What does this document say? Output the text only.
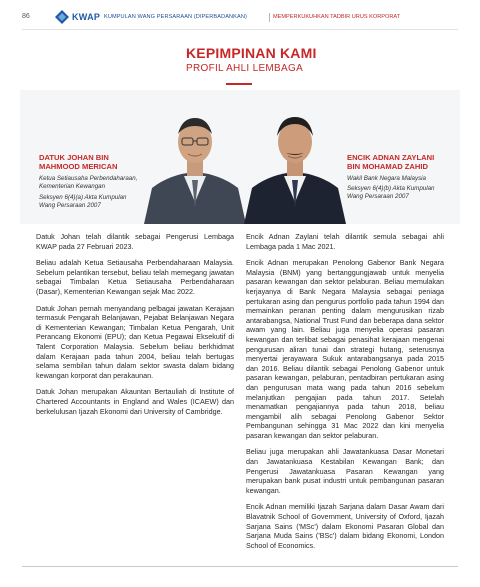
86	KWAP KUMPULAN WANG PERSARAAN (DIPERBADANKAN)	MEMPERKUKUHKAN TADBIR URUS KORPORAT
KEPIMPINAN KAMI
PROFIL AHLI LEMBAGA
DATUK JOHAN BIN
MAHMOOD MERICAN
Ketua Setiausaha Perbendaharaan,
Kementerian Kewangan
Seksyen 6(4)(a) Akta Kumpulan
Wang Persaraan 2007
ENCIK ADNAN ZAYLANI
BIN MOHAMAD ZAHID
Wakil Bank Negara Malaysia
Seksyen 6(4)(b) Akta Kumpulan
Wang Persaraan 2007

Datuk Johan telah dilantik sebagai Pengerusi Lembaga KWAP pada 27 Februari 2023.

Beliau adalah Ketua Setiausaha Perbendaharaan Malaysia. Sebelum pelantikan tersebut, beliau telah memegang jawatan sebagai Timbalan Ketua Setiausaha Perbendaharaan (Dasar), Kementerian Kewangan sejak Mac 2022.

Datuk Johan pernah menyandang pelbagai jawatan Kerajaan termasuk Pengarah Belanjawan, Pejabat Belanjawan Negara di Kementerian Kewangan; Timbalan Ketua Pengarah, Unit Perancang Ekonomi (EPU); dan Ketua Pegawai Eksekutif di Talent Corporation Malaysia. Sebelum beliau berkhidmat dalam Kerajaan pada tahun 2004, beliau telah bertugas selama sembilan tahun dalam sektor swasta dalam bidang kewangan korporat dan perakaunan.

Datuk Johan merupakan Akauntan Bertauliah di Institute of Chartered Accountants in England and Wales (ICAEW) dan berkelulusan Ijazah Ekonomi dari University of Cambridge.

Encik Adnan Zaylani telah dilantik semula sebagai ahli Lembaga pada 1 Mac 2021.

Encik Adnan merupakan Penolong Gabenor Bank Negara Malaysia (BNM) yang bertanggungjawab untuk menyelia pasaran kewangan dan sektor pelaburan. Beliau memulakan kerjayanya di Bank Negara Malaysia sebagai peniaga pertukaran asing dan pengurus portfolio pada tahun 1994 dan memainkan peranan penting dalam mengurusikan rizab antarabangsa, National Trust Fund dan beberapa dana sektor awam yang lain. Beliau juga menyelia operasi pasaran kewangan dan terlibat sebagai penasihat kerajaan mengenai pengurusan aliran tunai dan strategi hutang, seterusnya menyertai jerayawara Sukuk antarabangsanya pada 2015 dan 2016. Beliau dilantik sebagai Penolong Gabenor untuk pasaran kewangan, pelaburan, pentadbiran pertukaran asing dan pengurusan mata wang pada tahun 2016 sebelum melanjutkan pengajian pada tahun 2017. Setelah menamatkan pengajiannya pada tahun 2018, beliau mengambil alih sebagai Penolong Gabenor Sektor Pembangunan sehingga 31 Mac 2022 dan kini menyelia pasaran kewangan dan sektor pelaburan.

Beliau juga merupakan ahli Jawatankuasa Dasar Monetari dan Jawatankuasa Kestabilan Kewangan Bank; dan Pengerusi Jawatankuasa Pasaran Kewangan yang merupakan bank pusat industri untuk pembangunan pasaran kewangan.

Encik Adnan memiliki Ijazah Sarjana dalam Dasar Awam dari Blavatnik School of Government, University of Oxford, Ijazah Sarjana Sains ('MSc') dalam Ekonomi Pasaran Global dan Sarjana Muda Sains ('BSc') dalam bidang Ekonomi, London School of Economics.
